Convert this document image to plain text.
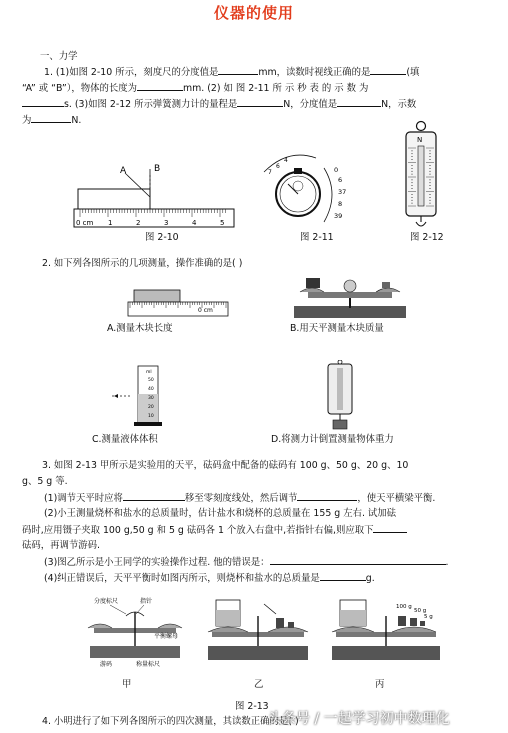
仪器的使用
一、力学
1. (1)如图 2-10 所示，刻度尺的分度值是	mm，读数时视线正确的是	(填
“A” 或 “B”），物体的长度为	mm. (2) 如 图 2-11 所 示 秒 表 的 示 数 为
s. (3)如图 2-12 所示弹簧测力计的量程是	N，分度值是	N，示数
为	N.
A	B
0 cm 1	2	3	4	5
图 2-10
7
6
4
0
6
37
8
39
图 2-11
N
图 2-12
2. 如下列各图所示的几项测量，操作准确的是( )
0 cm
A.测量木块长度	B.用天平测量木块质量
ml
50
40
30
20
10
C.测量液体体积	D.将测力计倒置测量物体重力
3. 如图 2-13 甲所示是实验用的天平，砝码盒中配备的砝码有 100 g、50 g、20 g、10
g、5 g 等.
(1)调节天平时应将	移至零刻度线处，然后调节	，使天平横梁平衡.
(2)小王测量烧杯和盐水的总质量时，估计盐水和烧杯的总质量在 155 g 左右. 试加砝
码时,应用镊子夹取 100 g,50 g 和 5 g 砝码各 1 个放入右盘中,若指针右偏,则应取下
砝码，再调节游码.
(3)图乙所示是小王同学的实验操作过程. 他的错误是：	.
(4)纠正错误后，天平平衡时如图丙所示，则烧杯和盐水的总质量是	g.
分度标尺	指针
平衡螺母
游码	称量标尺
甲	乙
100 g
50 g
5 g
丙
图 2-13
4. 小明进行了如下列各图所示的四次测量，其读数正确的是( )
头条号 / 一起学习初中数理化
